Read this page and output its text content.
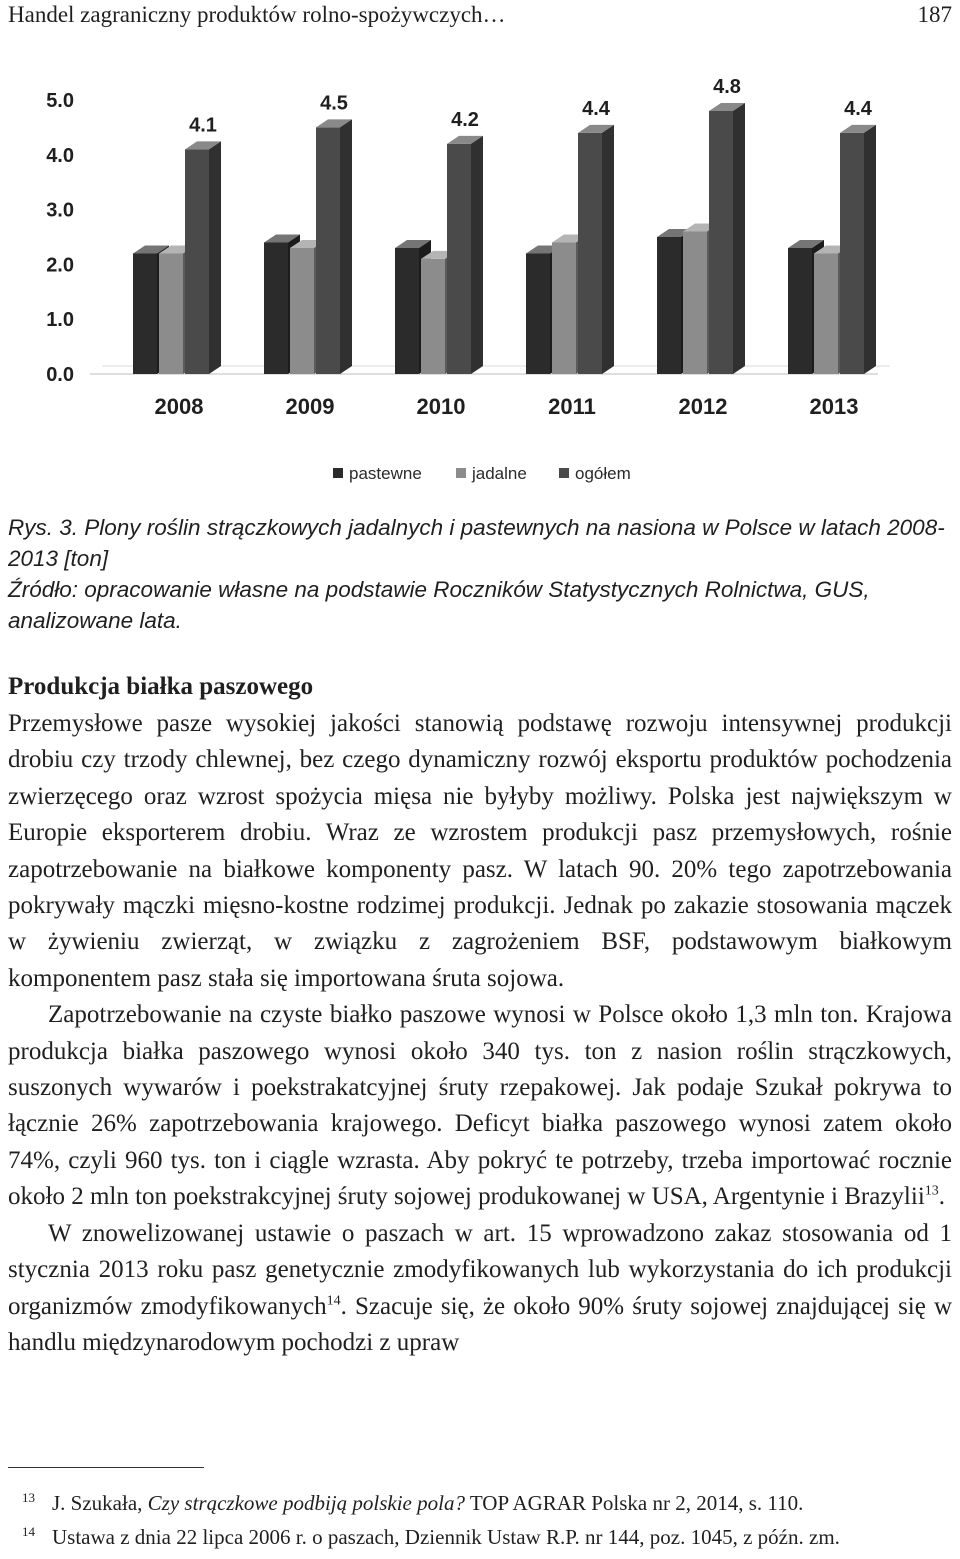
Handel zagraniczny produktów rolno-spożywczych…	187
0.0
1.0
2.0
3.0
4.0
5.0
4.1
4.5
4.2	4.4
4.8
4.4
2008	2009	2010	2011	2012	2013
pastewne	jadalne	ogółem

Rys. 3. Plony roślin strączkowych jadalnych i pastewnych na nasiona w Polsce w latach 2008-2013 [ton]

Źródło: opracowanie własne na podstawie Roczników Statystycznych Rolnictwa, GUS, analizowane lata.

Produkcja białka paszowego

Przemysłowe pasze wysokiej jakości stanowią podstawę rozwoju intensywnej produkcji drobiu czy trzody chlewnej, bez czego dynamiczny rozwój eksportu produktów pochodzenia zwierzęcego oraz wzrost spożycia mięsa nie byłyby możliwy. Polska jest największym w Europie eksporterem drobiu. Wraz ze wzrostem produkcji pasz przemysłowych, rośnie zapotrzebowanie na białkowe komponenty pasz. W latach 90. 20% tego zapotrzebowania pokrywały mączki mięsno-kostne rodzimej produkcji. Jednak po zakazie stosowania mączek w żywieniu zwierząt, w związku z zagrożeniem BSF, podstawowym białkowym komponentem pasz stała się importowana śruta sojowa.

Zapotrzebowanie na czyste białko paszowe wynosi w Polsce około 1,3 mln ton. Krajowa produkcja białka paszowego wynosi około 340 tys. ton z nasion roślin strączkowych, suszonych wywarów i poekstrakatcyjnej śruty rzepakowej. Jak podaje Szukał pokrywa to łącznie 26% zapotrzebowania krajowego. Deficyt białka paszowego wynosi zatem około 74%, czyli 960 tys. ton i ciągle wzrasta. Aby pokryć te potrzeby, trzeba importować rocznie około 2 mln ton poekstrakcyjnej śruty sojowej produkowanej w USA, Argentynie i Brazylii$^{13}$.

W znowelizowanej ustawie o paszach w art. 15 wprowadzono zakaz stosowania od 1 stycznia 2013 roku pasz genetycznie zmodyfikowanych lub wykorzystania do ich produkcji organizmów zmodyfikowanych$^{14}$. Szacuje się, że około 90% śruty sojowej znajdującej się w handlu międzynarodowym pochodzi z upraw

13 J. Szukała, Czy strączkowe podbiją polskie pola? TOP AGRAR Polska nr 2, 2014, s. 110.
14 Ustawa z dnia 22 lipca 2006 r. o paszach, Dziennik Ustaw R.P. nr 144, poz. 1045, z późn. zm.
